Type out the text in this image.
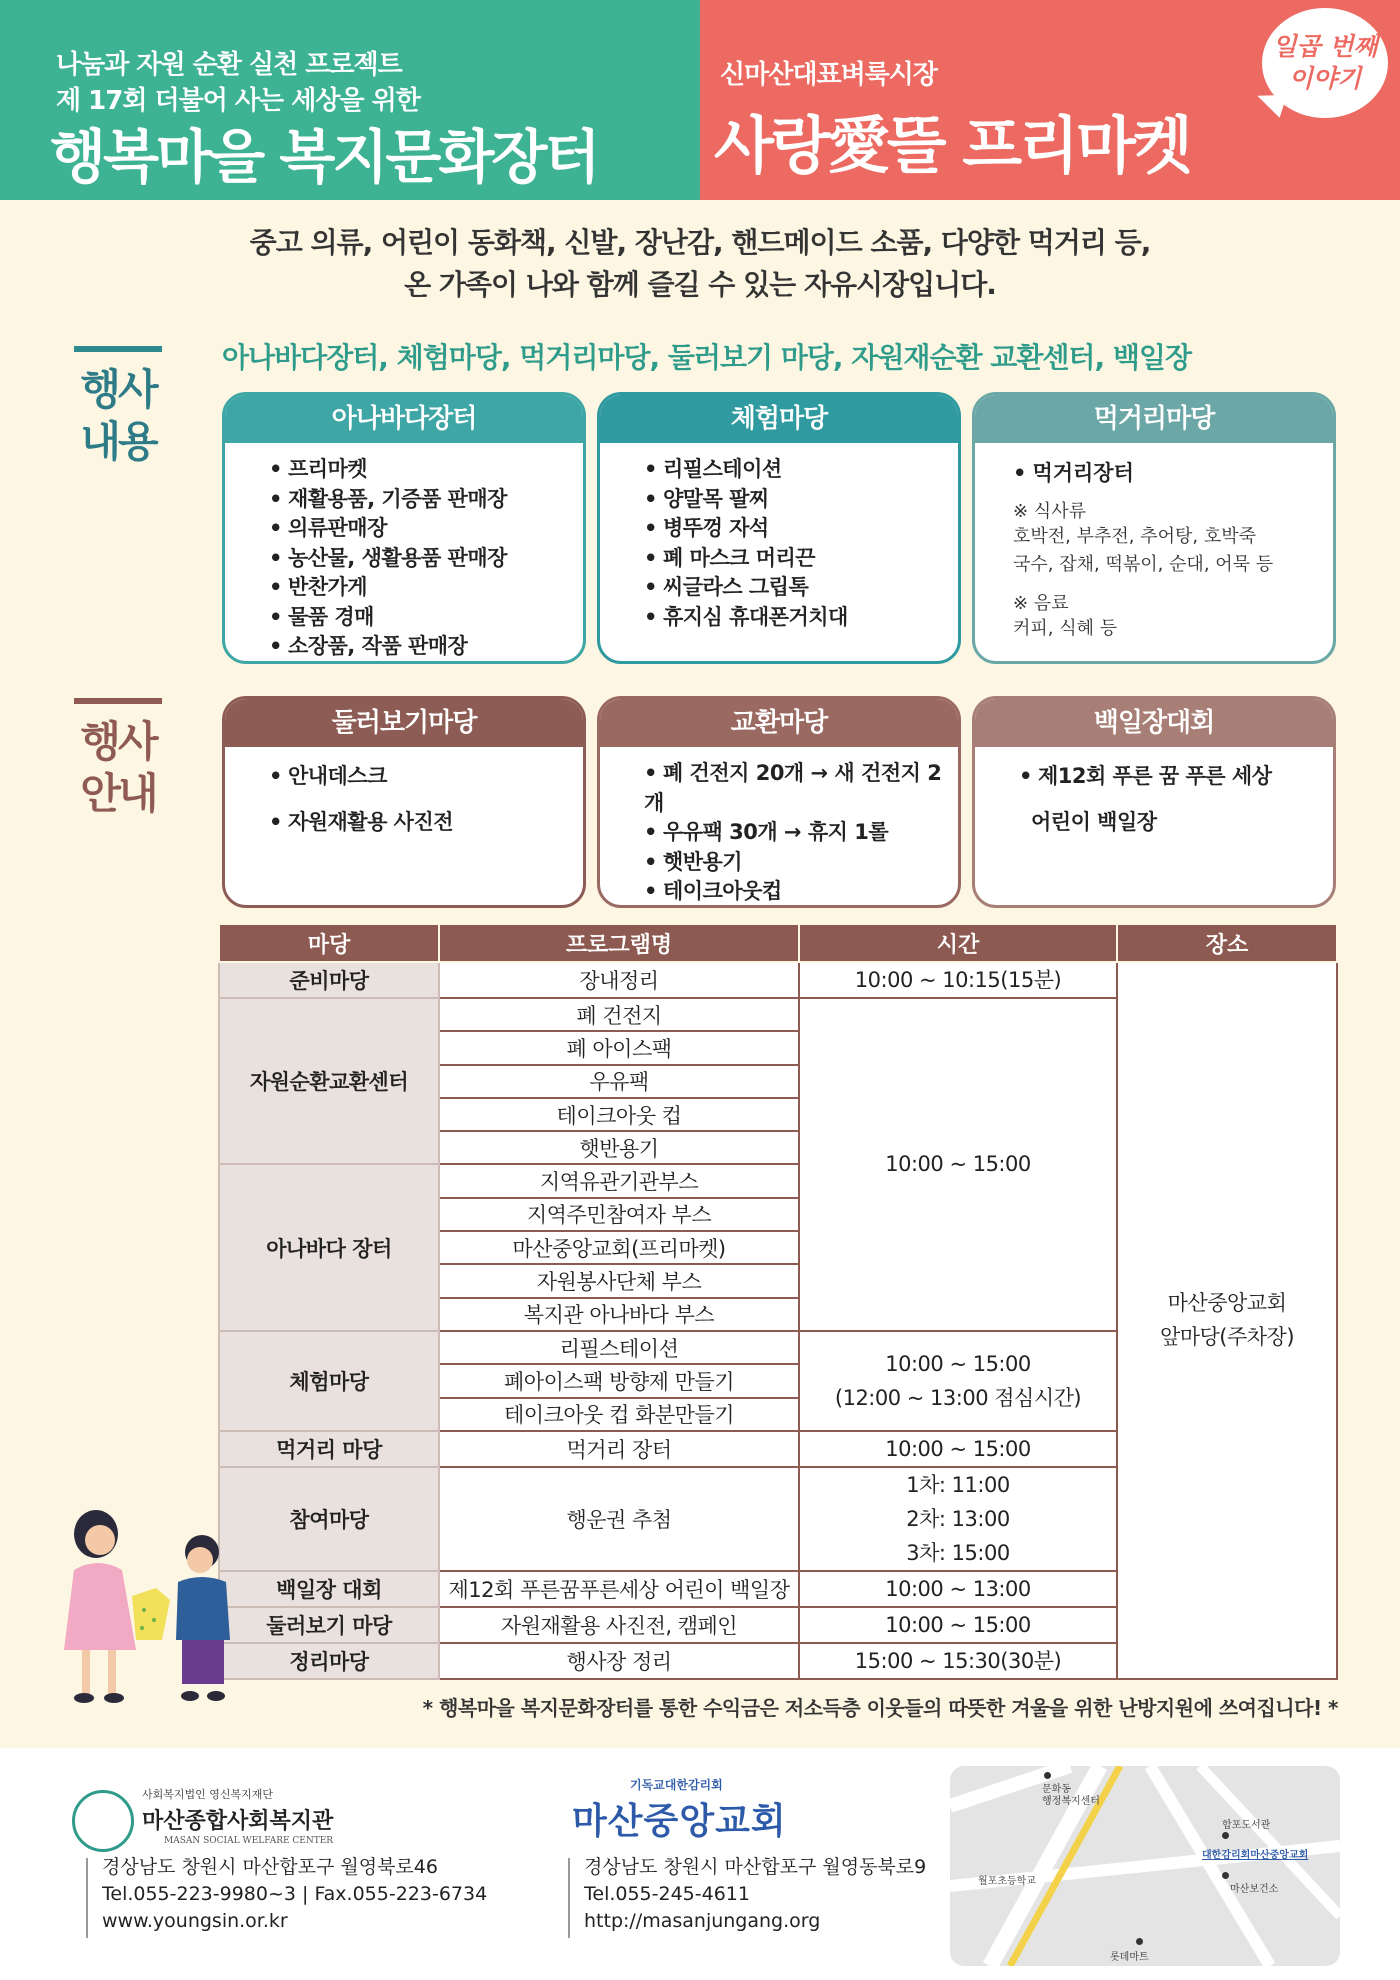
나눔과 자원 순환 실천 프로젝트
제 17회 더불어 사는 세상을 위한
행복마을 복지문화장터
신마산대표벼룩시장
사랑愛뜰 프리마켓
일곱 번째
이야기
중고 의류, 어린이 동화책, 신발, 장난감, 핸드메이드 소품, 다양한 먹거리 등,
온 가족이 나와 함께 즐길 수 있는 자유시장입니다.
행사
내용
아나바다장터, 체험마당, 먹거리마당, 둘러보기 마당, 자원재순환 교환센터, 백일장
아나바다장터
• 프리마켓
• 재활용품, 기증품 판매장
• 의류판매장
• 농산물, 생활용품 판매장
• 반찬가게
• 물품 경매
• 소장품, 작품 판매장
체험마당
• 리필스테이션
• 양말목 팔찌
• 병뚜껑 자석
• 폐 마스크 머리끈
• 씨글라스 그립톡
• 휴지심 휴대폰거치대
먹거리마당
• 먹거리장터
※ 식사류
호박전, 부추전, 추어탕, 호박죽
국수, 잡채, 떡볶이, 순대, 어묵 등
※ 음료
커피, 식혜 등
행사
안내
둘러보기마당
• 안내데스크
• 자원재활용 사진전
교환마당
• 폐 건전지 20개 → 새 건전지 2개
• 우유팩 30개 → 휴지 1롤
• 햇반용기
• 테이크아웃컵
백일장대회
• 제12회 푸른 꿈 푸른 세상
어린이 백일장
마당	프로그램명	시간	장소
준비마당	장내정리	10:00 ~ 10:15(15분)	마산중앙교회
앞마당(주차장)

자원순환교환센터	폐 건전지	10:00 ~ 15:00	
	폐 아이스팩		
	우유팩		
	테이크아웃 컵		
	햇반용기		
아나바다 장터	지역유관기관부스		
	지역주민참여자 부스		
	마산중앙교회(프리마켓)		
	자원봉사단체 부스		
	복지관 아나바다 부스		
체험마당	리필스테이션	10:00 ~ 15:00
(12:00 ~ 13:00 점심시간)	

	폐아이스팩 방향제 만들기		
	테이크아웃 컵 화분만들기		
먹거리 마당	먹거리 장터	10:00 ~ 15:00	
참여마당	행운권 추첨	1차: 11:00
2차: 13:00
3차: 15:00	

백일장 대회	제12회 푸른꿈푸른세상 어린이 백일장	10:00 ~ 13:00	
둘러보기 마당	자원재활용 사진전, 캠페인	10:00 ~ 15:00	
정리마당	행사장 정리	15:00 ~ 15:30(30분)	
* 행복마을 복지문화장터를 통한 수익금은 저소득층 이웃들의 따뜻한 겨울을 위한 난방지원에 쓰여집니다! *
사회복지법인 영신복지재단
마산종합사회복지관
MASAN SOCIAL WELFARE CENTER
경상남도 창원시 마산합포구 월영북로46
Tel.055-223-9980~3 | Fax.055-223-6734
www.youngsin.or.kr
기독교대한감리회
마산중앙교회
경상남도 창원시 마산합포구 월영동북로9
Tel.055-245-4611
http://masanjungang.org
문화동
행정복지센터
합포도서관
대한감리회마산중앙교회
월포초등학교
마산보건소
롯데마트
